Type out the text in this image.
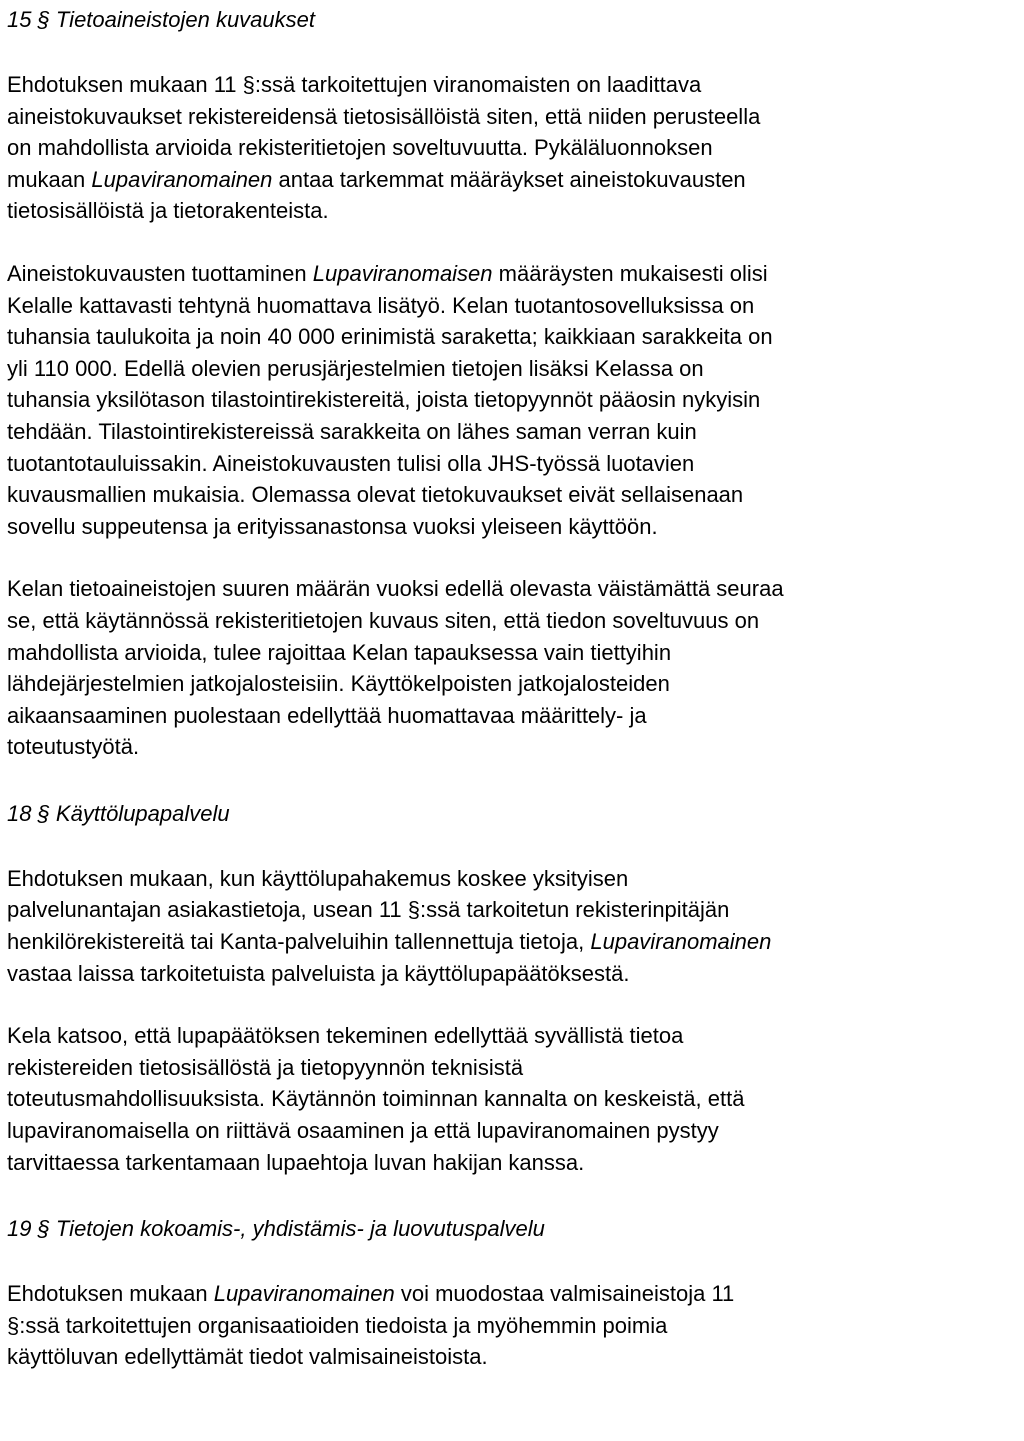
15 § Tietoaineistojen kuvaukset

Ehdotuksen mukaan 11 §:ssä tarkoitettujen viranomaisten on laadittava
aineistokuvaukset rekistereidensä tietosisällöistä siten, että niiden perusteella
on mahdollista arvioida rekisteritietojen soveltuvuutta. Pykäläluonnoksen
mukaan Lupaviranomainen antaa tarkemmat määräykset aineistokuvausten
tietosisällöistä ja tietorakenteista.

Aineistokuvausten tuottaminen Lupaviranomaisen määräysten mukaisesti olisi
Kelalle kattavasti tehtynä huomattava lisätyö. Kelan tuotantosovelluksissa on
tuhansia taulukoita ja noin 40 000 erinimistä saraketta; kaikkiaan sarakkeita on
yli 110 000. Edellä olevien perusjärjestelmien tietojen lisäksi Kelassa on
tuhansia yksilötason tilastointirekistereitä, joista tietopyynnöt pääosin nykyisin
tehdään. Tilastointirekistereissä sarakkeita on lähes saman verran kuin
tuotantotauluissakin. Aineistokuvausten tulisi olla JHS-työssä luotavien
kuvausmallien mukaisia. Olemassa olevat tietokuvaukset eivät sellaisenaan
sovellu suppeutensa ja erityissanastonsa vuoksi yleiseen käyttöön.

Kelan tietoaineistojen suuren määrän vuoksi edellä olevasta väistämättä seuraa
se, että käytännössä rekisteritietojen kuvaus siten, että tiedon soveltuvuus on
mahdollista arvioida, tulee rajoittaa Kelan tapauksessa vain tiettyihin
lähdejärjestelmien jatkojalosteisiin. Käyttökelpoisten jatkojalosteiden
aikaansaaminen puolestaan edellyttää huomattavaa määrittely- ja
toteutustyötä.

18 § Käyttölupapalvelu

Ehdotuksen mukaan, kun käyttölupahakemus koskee yksityisen
palvelunantajan asiakastietoja, usean 11 §:ssä tarkoitetun rekisterinpitäjän
henkilörekistereitä tai Kanta-palveluihin tallennettuja tietoja, Lupaviranomainen
vastaa laissa tarkoitetuista palveluista ja käyttölupapäätöksestä.

Kela katsoo, että lupapäätöksen tekeminen edellyttää syvällistä tietoa
rekistereiden tietosisällöstä ja tietopyynnön teknisistä
toteutusmahdollisuuksista. Käytännön toiminnan kannalta on keskeistä, että
lupaviranomaisella on riittävä osaaminen ja että lupaviranomainen pystyy
tarvittaessa tarkentamaan lupaehtoja luvan hakijan kanssa.

19 § Tietojen kokoamis-, yhdistämis- ja luovutuspalvelu

Ehdotuksen mukaan Lupaviranomainen voi muodostaa valmisaineistoja 11
§:ssä tarkoitettujen organisaatioiden tiedoista ja myöhemmin poimia
käyttöluvan edellyttämät tiedot valmisaineistoista.
